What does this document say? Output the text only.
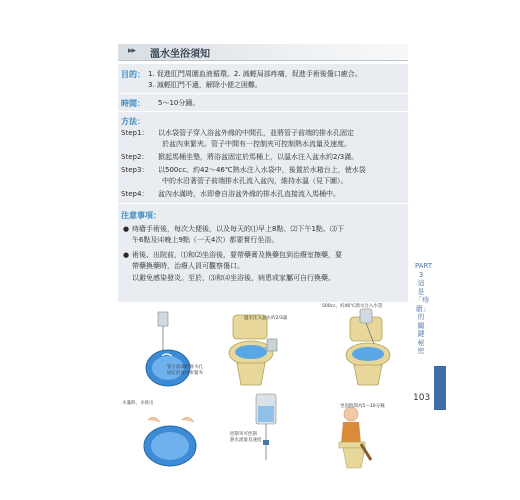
▸▸ 溫水坐浴須知
目的： 1. 促進肛門周圍血液循環。2. 減輕局部疼痛，促進手術後傷口癒合。
3. 減輕肛門不適，解除小便之困難。
時間： 5～10分鐘。
方法：
Step1： 以水袋管子穿入浴盆外緣的中間孔，並將管子前端的排水孔固定
於盆內來緊夾。管子中間有一控制夾可控制熱水流量及速度。
Step2： 掀起馬桶坐墊，將浴盆固定於馬桶上，以溫水注入盆水約2/3滿。
Step3： 以500cc、約42～46℃熱水注入水袋中，後置於水箱台上，使水袋
中的水沿著管子前端排水孔流入盆內，維持水溫（見下圖）。
Step4： 盆內水滿時，水即會自浴盆外緣的排水孔直接流入馬桶中。
注意事項：
● 痔瘡手術後，每次大便後，以及每天的⑴早上8點、⑵下午1點、⑶下
午6點及⑷晚上9點（一天4次）都要實行坐浴。
● 術後、出院前，⑴和⑵坐浴後，要帶藥膏及換藥包到治療室擦藥，要
帶藥換藥時，治療人員可觀察傷口。
以避免感染發炎。至於，⑶和⑷坐浴後，病患或家屬可自行換藥。
PART 3 這是「痔瘡」的關鍵秘密
103
管子前端的排水孔
固定於盆內來緊夾
溫水注入盆水約2/3滿
500cc、約46℃熱水注入水袋
水滿時，水排出
控制夾可控制
熱水流量及速度
坐浴時間為5～10分鐘
